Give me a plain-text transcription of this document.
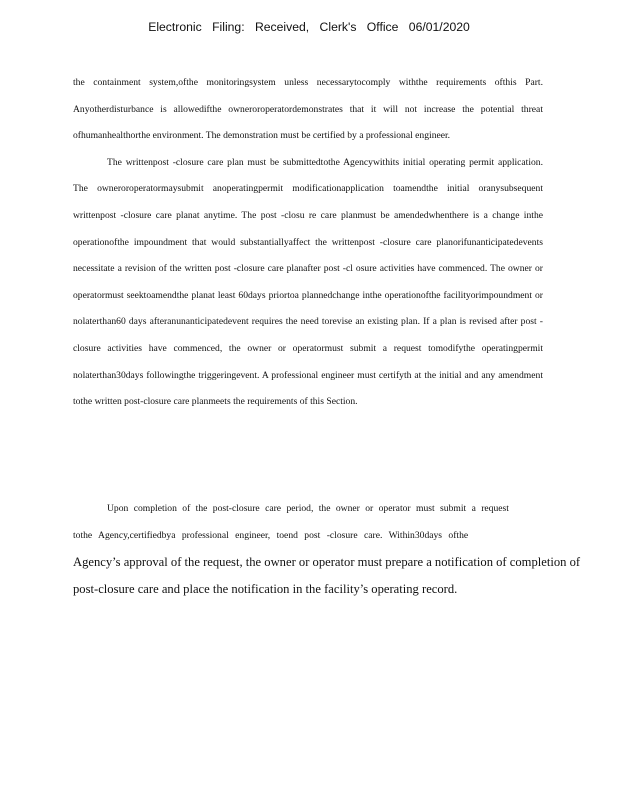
Electronic Filing: Received, Clerk's Office 06/01/2020

the containment system,ofthe monitoringsystem unless necessarytocomply withthe requirements ofthis Part. Anyotherdisturbance is allowedifthe owneroroperatordemonstrates that it will not increase the potential threat ofhumanhealthorthe environment. The demonstration must be certified by a professional engineer.

The writtenpost -closure care plan must be submittedtothe Agencywithits initial operating permit application. The owneroroperatormaysubmit anoperatingpermit modificationapplication toamendthe initial oranysubsequent writtenpost -closure care planat anytime. The post -closu re care planmust be amendedwhenthere is a change inthe operationofthe impoundment that would substantiallyaffect the writtenpost -closure care planorifunanticipatedevents necessitate a revision of the written post -closure care planafter post -cl osure activities have commenced. The owner or operatormust seektoamendthe planat least 60days priortoa plannedchange inthe operationofthe facilityorimpoundment or nolaterthan60 days afteranunanticipatedevent requires the need torevise an existing plan. If a plan is revised after post -closure activities have commenced, the owner or operatormust submit a request tomodifythe operatingpermit nolaterthan30days followingthe triggeringevent. A professional engineer must certifyth at the initial and any amendment tothe written post-closure care planmeets the requirements of this Section.

Upon completion of the post-closure care period, the owner or operator must submit a request
tothe Agency,certifiedbya professional engineer, toend post -closure care. Within30days ofthe
Agency’s approval of the request, the owner or operator must prepare a notification of completion of
post-closure care and place the notification in the facility’s operating record.
